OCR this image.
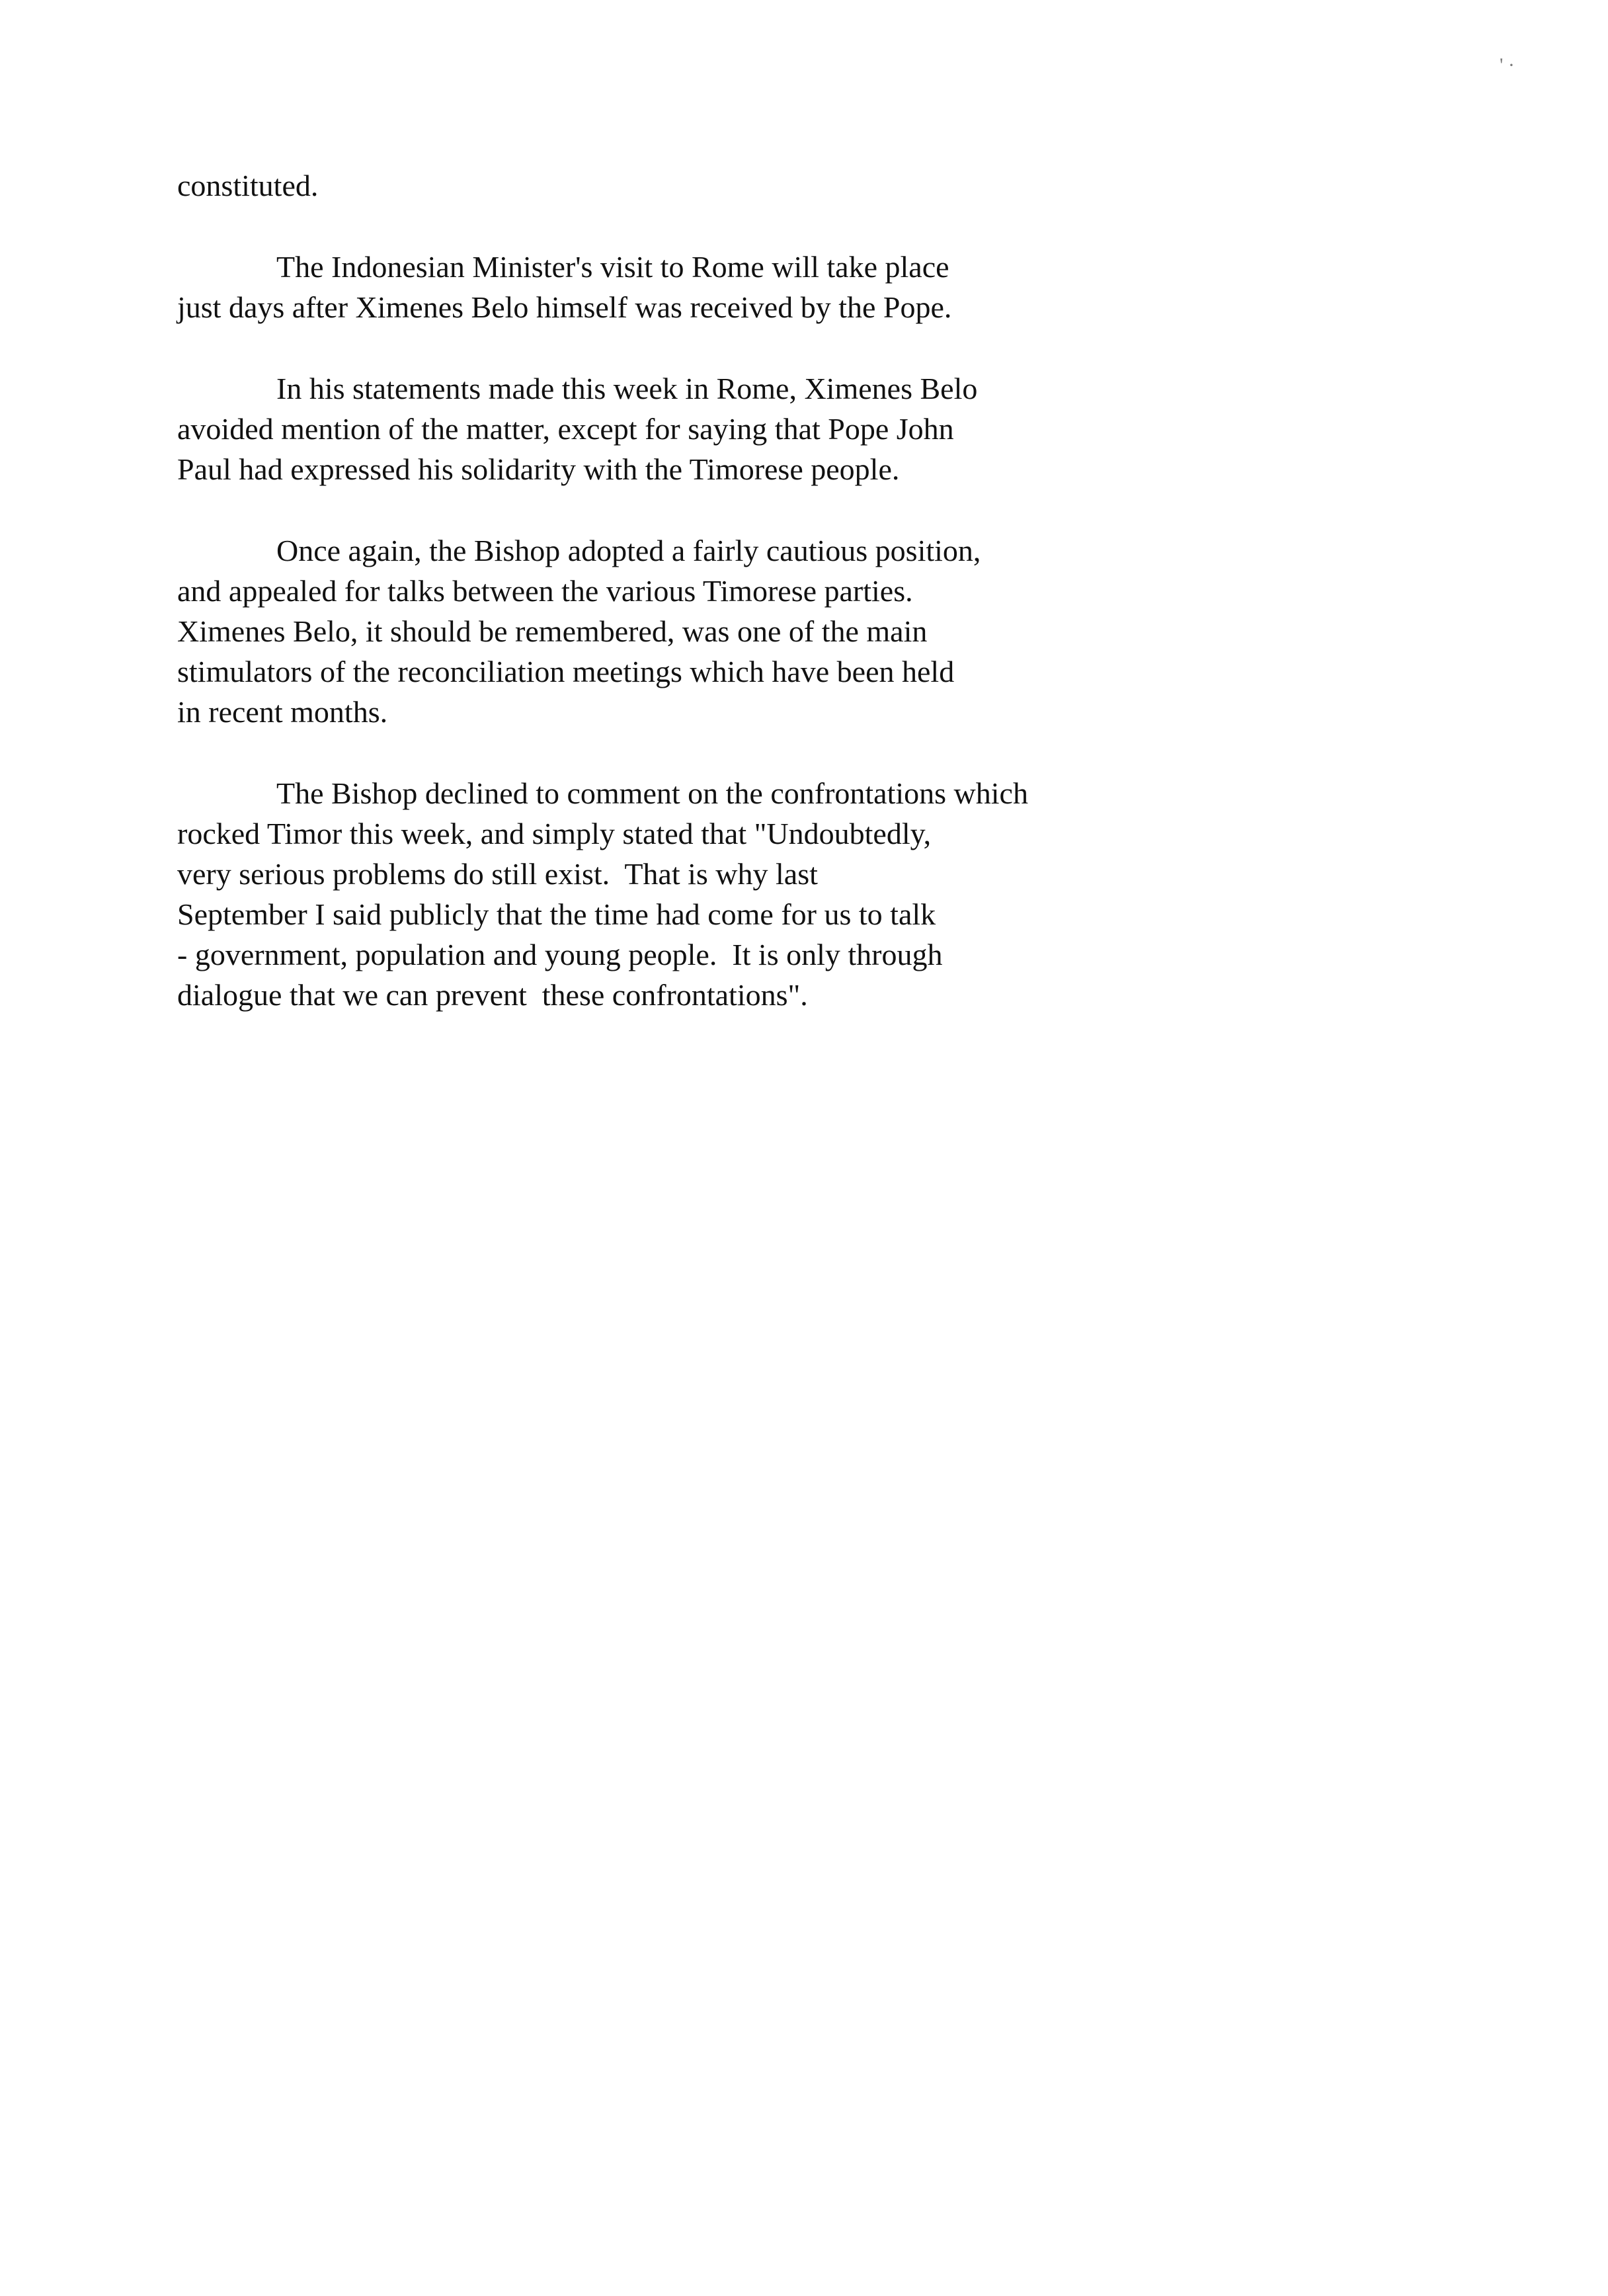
' ·
constituted.
The Indonesian Minister's visit to Rome will take place
just days after Ximenes Belo himself was received by the Pope.
In his statements made this week in Rome, Ximenes Belo
avoided mention of the matter, except for saying that Pope John
Paul had expressed his solidarity with the Timorese people.
Once again, the Bishop adopted a fairly cautious position,
and appealed for talks between the various Timorese parties.
Ximenes Belo, it should be remembered, was one of the main
stimulators of the reconciliation meetings which have been held
in recent months.
The Bishop declined to comment on the confrontations which
rocked Timor this week, and simply stated that "Undoubtedly,
very serious problems do still exist.  That is why last
September I said publicly that the time had come for us to talk
- government, population and young people.  It is only through
dialogue that we can prevent  these confrontations".
